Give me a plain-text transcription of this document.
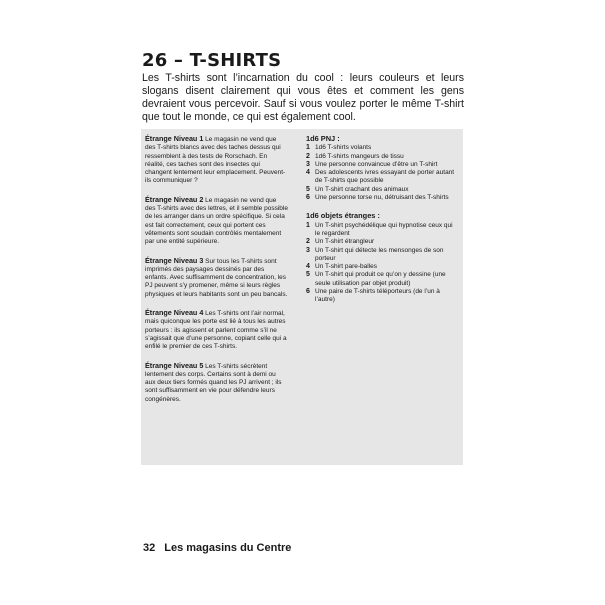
26 – T-SHIRTS

Les T-shirts sont l’incarnation du cool : leurs couleurs et leurs slogans disent clairement qui vous êtes et comment les gens devraient vous percevoir. Sauf si vous voulez porter le même T-shirt que tout le monde, ce qui est également cool.

Étrange Niveau 1 Le magasin ne vend que des T-shirts blancs avec des taches dessus qui ressemblent à des tests de Rorschach. En réalité, ces taches sont des insectes qui changent lentement leur emplacement. Peuvent-ils communiquer ?

Étrange Niveau 2 Le magasin ne vend que des T-shirts avec des lettres, et il semble possible de les arranger dans un ordre spécifique. Si cela est fait correctement, ceux qui portent ces vêtements sont soudain contrôlés mentalement par une entité supérieure.

Étrange Niveau 3 Sur tous les T-shirts sont imprimés des paysages dessinés par des enfants. Avec suffisamment de concentration, les PJ peuvent s’y promener, même si leurs règles physiques et leurs habitants sont un peu bancals.

Étrange Niveau 4 Les T-shirts ont l’air normal, mais quiconque les porte est lié à tous les autres porteurs : ils agissent et parlent comme s’il ne s’agissait que d’une personne, copiant celle qui a enfilé le premier de ces T-shirts.

Étrange Niveau 5 Les T-shirts sécrètent lentement des corps. Certains sont à demi ou aux deux tiers formés quand les PJ arrivent ; ils sont suffisamment en vie pour défendre leurs congénères.

1d6 PNJ :
1 1d6 T-shirts volants
2 1d6 T-shirts mangeurs de tissu
3 Une personne convaincue d’être un T-shirt
4 Des adolescents ivres essayant de porter autant de T-shirts que possible
5 Un T-shirt crachant des animaux
6 Une personne torse nu, détruisant des T-shirts
1d6 objets étranges :
1 Un T-shirt psychédélique qui hypnotise ceux qui le regardent
2 Un T-shirt étrangleur
3 Un T-shirt qui détecte les mensonges de son porteur
4 Un T-shirt pare-balles
5 Un T-shirt qui produit ce qu’on y dessine (une seule utilisation par objet produit)
6 Une paire de T-shirts téléporteurs (de l’un à l’autre)
32 Les magasins du Centre
